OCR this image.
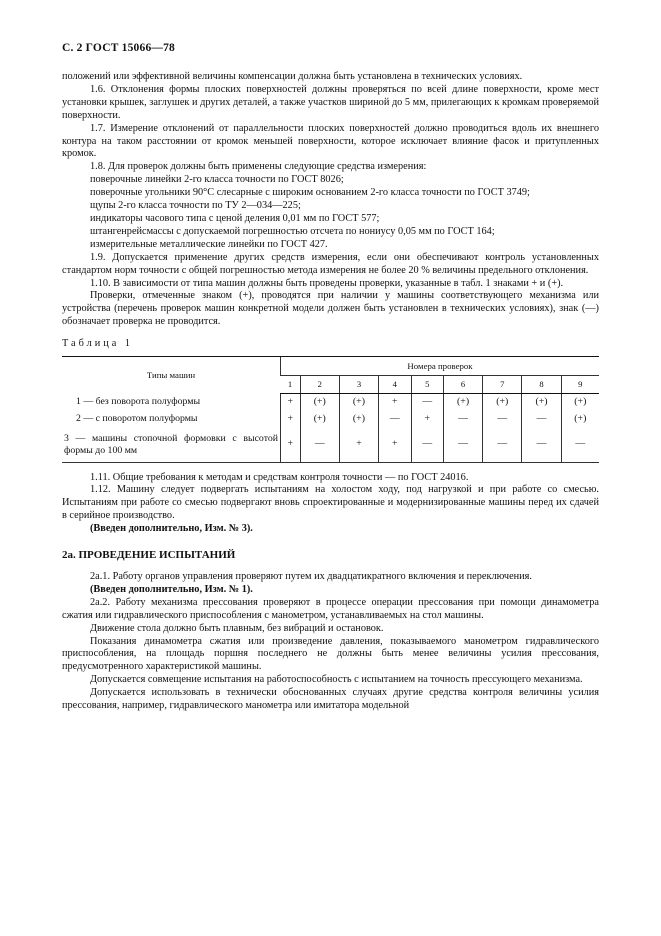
С. 2 ГОСТ 15066—78

положений или эффективной величины компенсации должна быть установлена в технических условиях.

1.6. Отклонения формы плоских поверхностей должны проверяться по всей длине поверхности, кроме мест установки крышек, заглушек и других деталей, а также участков шириной до 5 мм, прилегающих к кромкам проверяемой поверхности.

1.7. Измерение отклонений от параллельности плоских поверхностей должно проводиться вдоль их внешнего контура на таком расстоянии от кромок меньшей поверхности, которое исключает влияние фасок и притупленных кромок.

1.8. Для проверок должны быть применены следующие средства измерения:

поверочные линейки 2-го класса точности по ГОСТ 8026;

поверочные угольники 90°С слесарные с широким основанием 2-го класса точности по ГОСТ 3749;

щупы 2-го класса точности по ТУ 2—034—225;

индикаторы часового типа с ценой деления 0,01 мм по ГОСТ 577;

штангенрейсмассы с допускаемой погрешностью отсчета по нониусу 0,05 мм по ГОСТ 164;

измерительные металлические линейки по ГОСТ 427.

1.9. Допускается применение других средств измерения, если они обеспечивают контроль установленных стандартом норм точности с общей погрешностью метода измерения не более 20 % величины предельного отклонения.

1.10. В зависимости от типа машин должны быть проведены проверки, указанные в табл. 1 знаками + и (+).

Проверки, отмеченные знаком (+), проводятся при наличии у машины соответствующего механизма или устройства (перечень проверок машин конкретной модели должен быть установлен в технических условиях), знак (—) обозначает проверка не проводится.

Таблица 1

Типы машин	Номера проверок								
	1	2	3	4	5	6	7	8	9
1 — без поворота полуформы	+	(+)	(+)	+	—	(+)	(+)	(+)	(+)
2 — с поворотом полуформы	+	(+)	(+)	—	+	—	—	—	(+)
3 — машины стопочной формовки с высотой формы до 100 мм	+	—	+	+	—	—	—	—	—

1.11. Общие требования к методам и средствам контроля точности — по ГОСТ 24016.

1.12. Машину следует подвергать испытаниям на холостом ходу, под нагрузкой и при работе со смесью. Испытаниям при работе со смесью подвергают вновь спроектированные и модернизированные машины перед их сдачей в серийное производство.

(Введен дополнительно, Изм. № 3).

2а. ПРОВЕДЕНИЕ ИСПЫТАНИЙ

2а.1. Работу органов управления проверяют путем их двадцатикратного включения и переключения.

(Введен дополнительно, Изм. № 1).

2а.2. Работу механизма прессования проверяют в процессе операции прессования при помощи динамометра сжатия или гидравлического приспособления с манометром, устанавливаемых на стол машины.

Движение стола должно быть плавным, без вибраций и остановок.

Показания динамометра сжатия или произведение давления, показываемого манометром гидравлического приспособления, на площадь поршня последнего не должны быть менее величины усилия прессования, предусмотренного характеристикой машины.

Допускается совмещение испытания на работоспособность с испытанием на точность прессующего механизма.

Допускается использовать в технически обоснованных случаях другие средства контроля величины усилия прессования, например, гидравлического манометра или имитатора модельной
